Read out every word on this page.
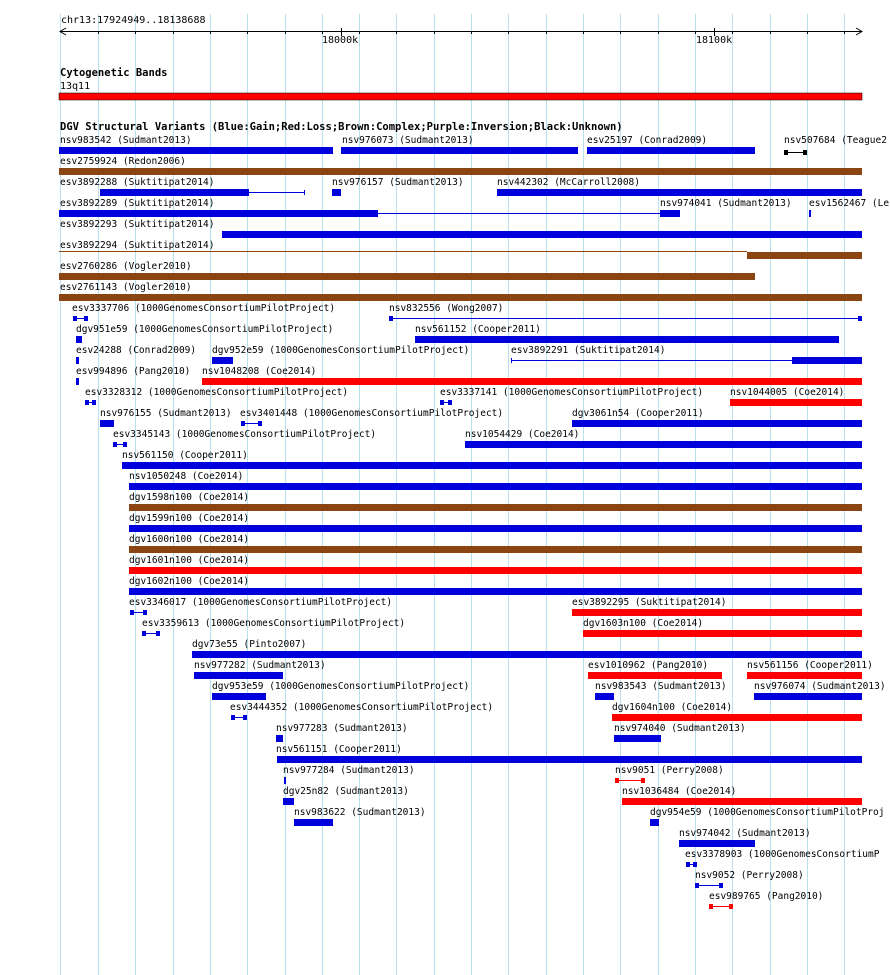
chr13:17924949..18138688
18000k	18100k
Cytogenetic Bands
13q11
DGV Structural Variants (Blue:Gain;Red:Loss;Brown:Complex;Purple:Inversion;Black:Unknown)
nsv983542 (Sudmant2013)	nsv976073 (Sudmant2013)	esv25197 (Conrad2009)	nsv507684 (Teague2
esv2759924 (Redon2006)
esv3892288 (Suktitipat2014)	nsv976157 (Sudmant2013)	nsv442302 (McCarroll2008)
esv3892289 (Suktitipat2014)	nsv974041 (Sudmant2013) esv1562467 (Le
esv3892293 (Suktitipat2014)
esv3892294 (Suktitipat2014)
esv2760286 (Vogler2010)
esv2761143 (Vogler2010)
esv3337706 (1000GenomesConsortiumPilotProject)	nsv832556 (Wong2007)
dgv951e59 (1000GenomesConsortiumPilotProject)	nsv561152 (Cooper2011)
esv24288 (Conrad2009) dgv952e59 (1000GenomesConsortiumPilotProject)	esv3892291 (Suktitipat2014)
esv994896 (Pang2010) nsv1048208 (Coe2014)
esv3328312 (1000GenomesConsortiumPilotProject)	esv3337141 (1000GenomesConsortiumPilotProject)	nsv1044005 (Coe2014)
nsv976155 (Sudmant2013) esv3401448 (1000GenomesConsortiumPilotProject)	dgv3061n54 (Cooper2011)
esv3345143 (1000GenomesConsortiumPilotProject)	nsv1054429 (Coe2014)
nsv561150 (Cooper2011)
nsv1050248 (Coe2014)
dgv1598n100 (Coe2014)
dgv1599n100 (Coe2014)
dgv1600n100 (Coe2014)
dgv1601n100 (Coe2014)
dgv1602n100 (Coe2014)
esv3346017 (1000GenomesConsortiumPilotProject)	esv3892295 (Suktitipat2014)
esv3359613 (1000GenomesConsortiumPilotProject)	dgv1603n100 (Coe2014)
dgv73e55 (Pinto2007)
nsv977282 (Sudmant2013)	esv1010962 (Pang2010)	nsv561156 (Cooper2011)
dgv953e59 (1000GenomesConsortiumPilotProject)	nsv983543 (Sudmant2013)	nsv976074 (Sudmant2013)
esv3444352 (1000GenomesConsortiumPilotProject)	dgv1604n100 (Coe2014)
nsv977283 (Sudmant2013)	nsv974040 (Sudmant2013)
nsv561151 (Cooper2011)
nsv977284 (Sudmant2013)	nsv9051 (Perry2008)
dgv25n82 (Sudmant2013)	nsv1036484 (Coe2014)
nsv983622 (Sudmant2013)	dgv954e59 (1000GenomesConsortiumPilotProj
nsv974042 (Sudmant2013)
esv3378903 (1000GenomesConsortiumP
nsv9052 (Perry2008)
esv989765 (Pang2010)
